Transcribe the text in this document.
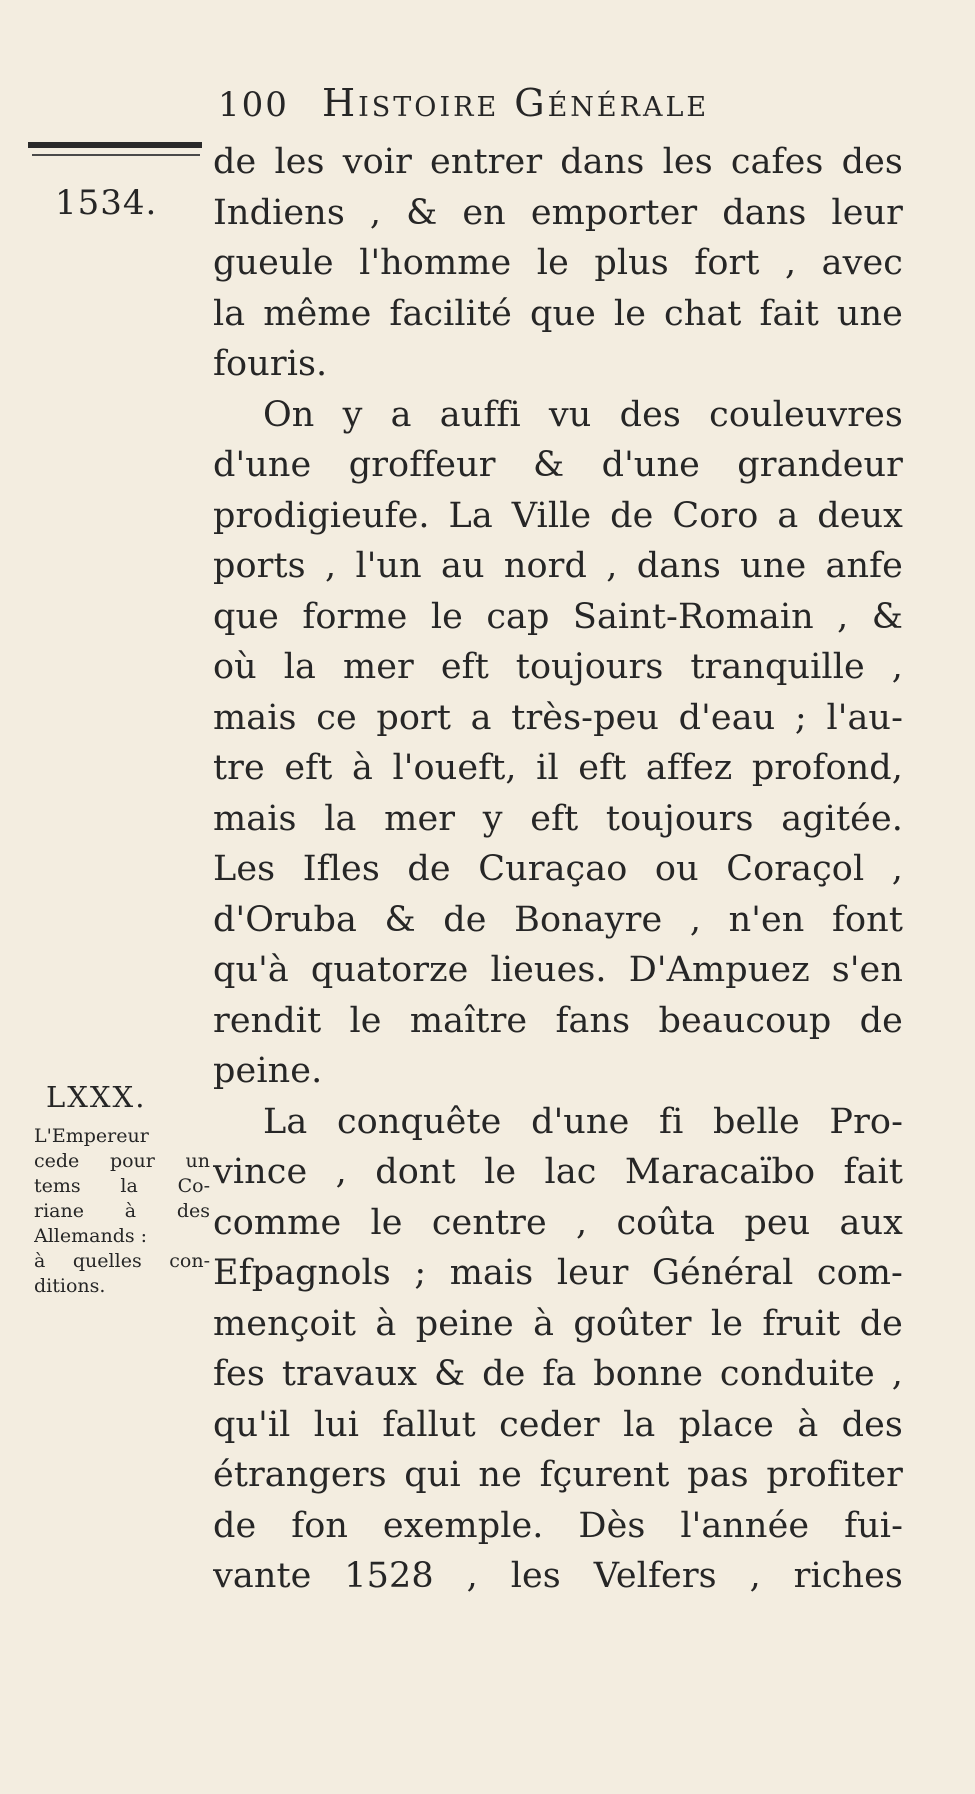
100 Histoire Générale
1534.
de les voir entrer dans les cafes des
Indiens , & en emporter dans leur
gueule l'homme le plus fort , avec
la même facilité que le chat fait une
fouris.
On y a auffi vu des couleuvres
d'une groffeur & d'une grandeur
prodigieufe. La Ville de Coro a deux
ports , l'un au nord , dans une anfe
que forme le cap Saint-Romain , &
où la mer eft toujours tranquille ,
mais ce port a très-peu d'eau ; l'au-
tre eft à l'oueft, il eft affez profond,
mais la mer y eft toujours agitée.
Les Ifles de Curaçao ou Coraçol ,
d'Oruba & de Bonayre , n'en font
qu'à quatorze lieues. D'Ampuez s'en
rendit le maître fans beaucoup de
peine.
La conquête d'une fi belle Pro-
vince , dont le lac Maracaïbo fait
comme le centre , coûta peu aux
Efpagnols ; mais leur Général com-
mençoit à peine à goûter le fruit de
fes travaux & de fa bonne conduite ,
qu'il lui fallut ceder la place à des
étrangers qui ne fçurent pas profiter
de fon exemple. Dès l'année fui-
vante 1528 , les Velfers , riches
LXXX.
L'Empereur
cede pour un
tems la Co-
riane à des
Allemands :
à quelles con-
ditions.
